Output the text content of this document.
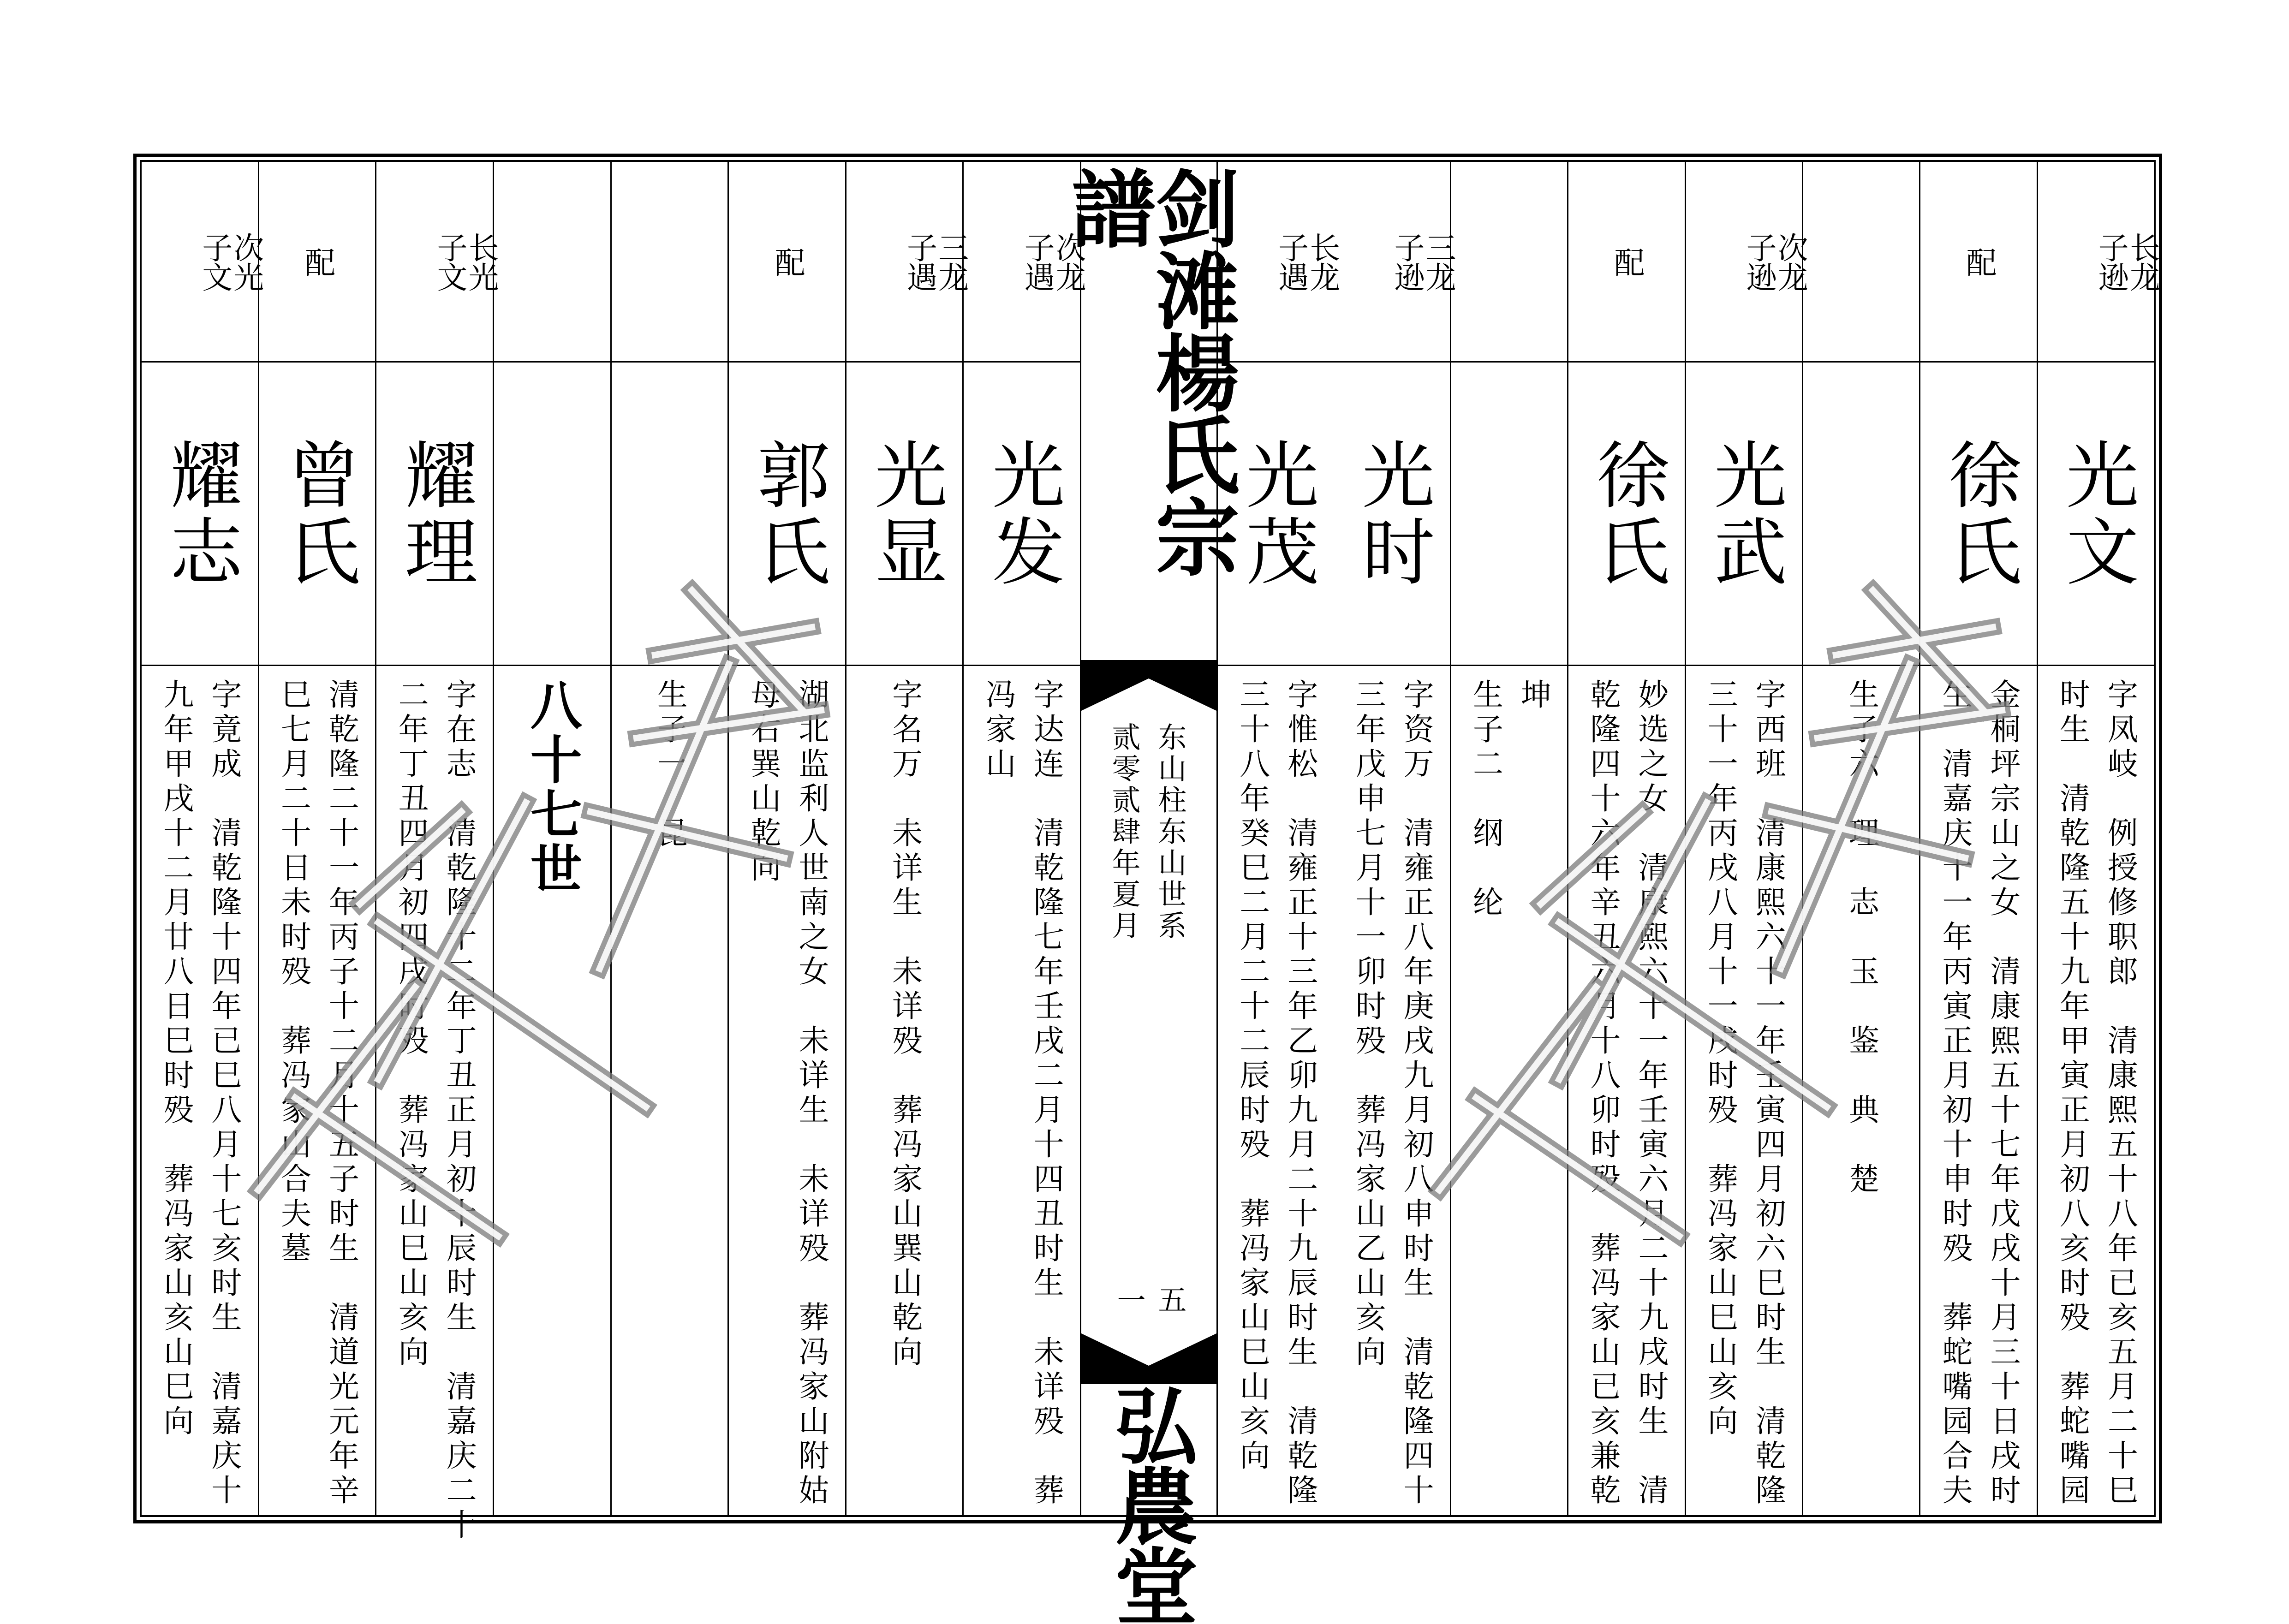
长龙
子逊
光文
字凤岐　例授修职郎　清康熙五十八年已亥五月二十巳
时生　清乾隆五十九年甲寅正月初八亥时殁　葬蛇嘴园
配
徐氏
金桐坪宗山之女　清康熙五十七年戊戌十月三十日戌时
生　清嘉庆十一年丙寅正月初十申时殁　葬蛇嘴园合夫
生子六　理　志　玉　鉴　典　楚
次龙
子逊
光武
字西班　清康熙六十一年壬寅四月初六巳时生　清乾隆
三十一年丙戌八月十一戌时殁　葬冯家山巳山亥向
配
徐氏
妙选之女　清康熙六十一年壬寅六月二十九戌时生　清
乾隆四十六年辛丑六月十八卯时殁　葬冯家山已亥兼乾
坤
生子二　纲　纶
三龙
子逊
光时
字资万　清雍正八年庚戌九月初八申时生　清乾隆四十
三年戊申七月十一卯时殁　葬冯家山乙山亥向
长龙
子遇
光茂
字惟松　清雍正十三年乙卯九月二十九辰时生　清乾隆
三十八年癸巳二月二十二辰时殁　葬冯家山巳山亥向
剑滩楊氏宗譜
东山柱东山世系
贰零贰肆年夏月
五一
弘農堂
次龙
子遇
光发
字达连　清乾隆七年壬戌二月十四丑时生　未详殁　葬
冯家山
三龙
子遇
光显
字名万　未详生　未详殁　葬冯家山巽山乾向
配
郭氏
湖北监利人世南之女　未详生　未详殁　葬冯家山附姑
母右巽山乾向
生子一　昆
八十七世
长光
子文
耀理
字在志　清乾隆十二年丁丑正月初十辰时生　清嘉庆二十
二年丁丑四月初四戌时殁　葬冯家山巳山亥向
配
曾氏
清乾隆二十一年丙子十二月十五子时生　清道光元年辛
巳七月二十日未时殁　葬冯家山合夫墓
次光
子文
耀志
字竟成　清乾隆十四年已巳八月十七亥时生　清嘉庆十
九年甲戌十二月廿八日巳时殁　葬冯家山亥山巳向
